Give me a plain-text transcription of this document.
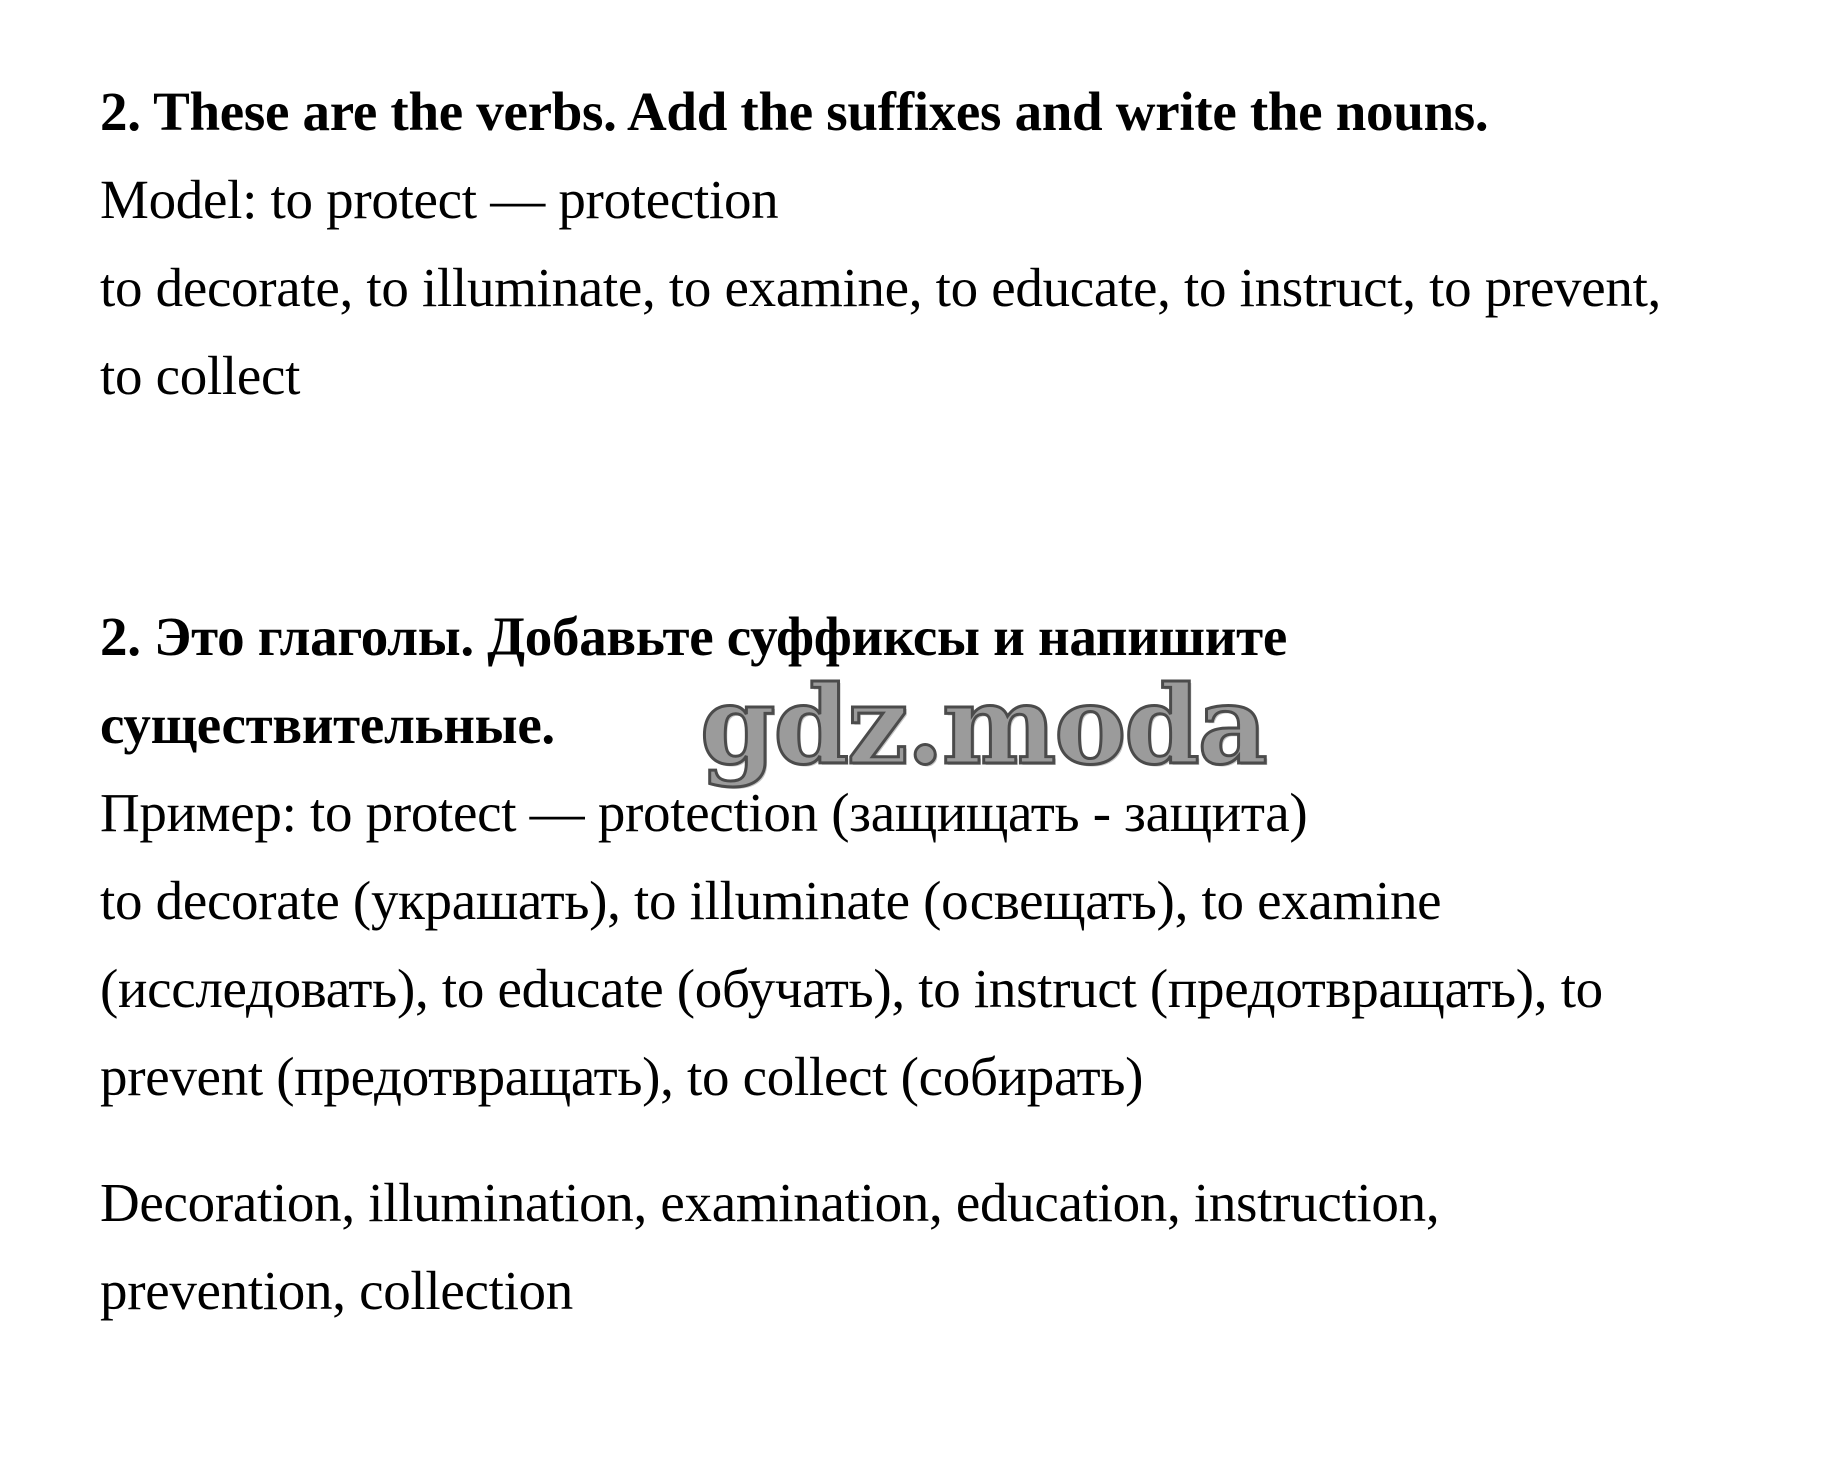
2. These are the verbs. Add the suffixes and write the nouns.
Model: to protect — protection
to decorate, to illuminate, to examine, to educate, to instruct, to prevent,
to collect
2. Это глаголы. Добавьте суффиксы и напишите
существительные.
Пример: to protect — protection (защищать - защита)
to decorate (украшать), to illuminate (освещать), to examine
(исследовать), to educate (обучать), to instruct (предотвращать), to
prevent (предотвращать), to collect (собирать)
Decoration, illumination, examination, education, instruction,
prevention, collection
gdz.moda
